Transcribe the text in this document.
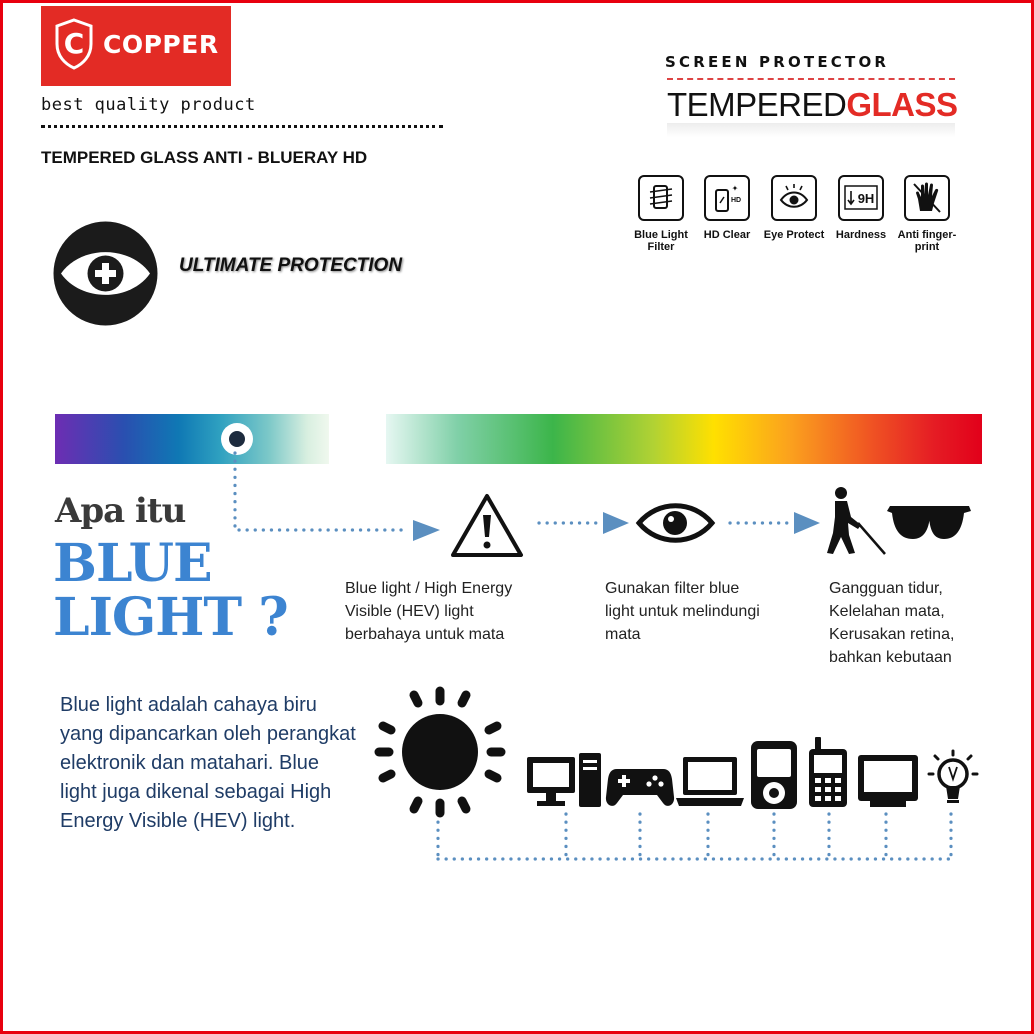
C COPPER
best quality product
TEMPERED GLASS ANTI - BLUERAY HD
ULTIMATE PROTECTION
SCREEN PROTECTOR
TEMPEREDGLASS
Blue Light Filter
HD
✦
HD Clear	Eye Protect
9H
Hardness	Anti finger-print
Apa itu
BLUE
LIGHT ?	Blue light / High Energy Visible (HEV) light berbahaya untuk mata
Gunakan filter blue light untuk melindungi mata
Gangguan tidur, Kelelahan mata, Kerusakan retina, bahkan kebutaan
Blue light adalah cahaya biru yang dipancarkan oleh perangkat elektronik dan matahari. Blue light juga dikenal sebagai High Energy Visible (HEV) light.
